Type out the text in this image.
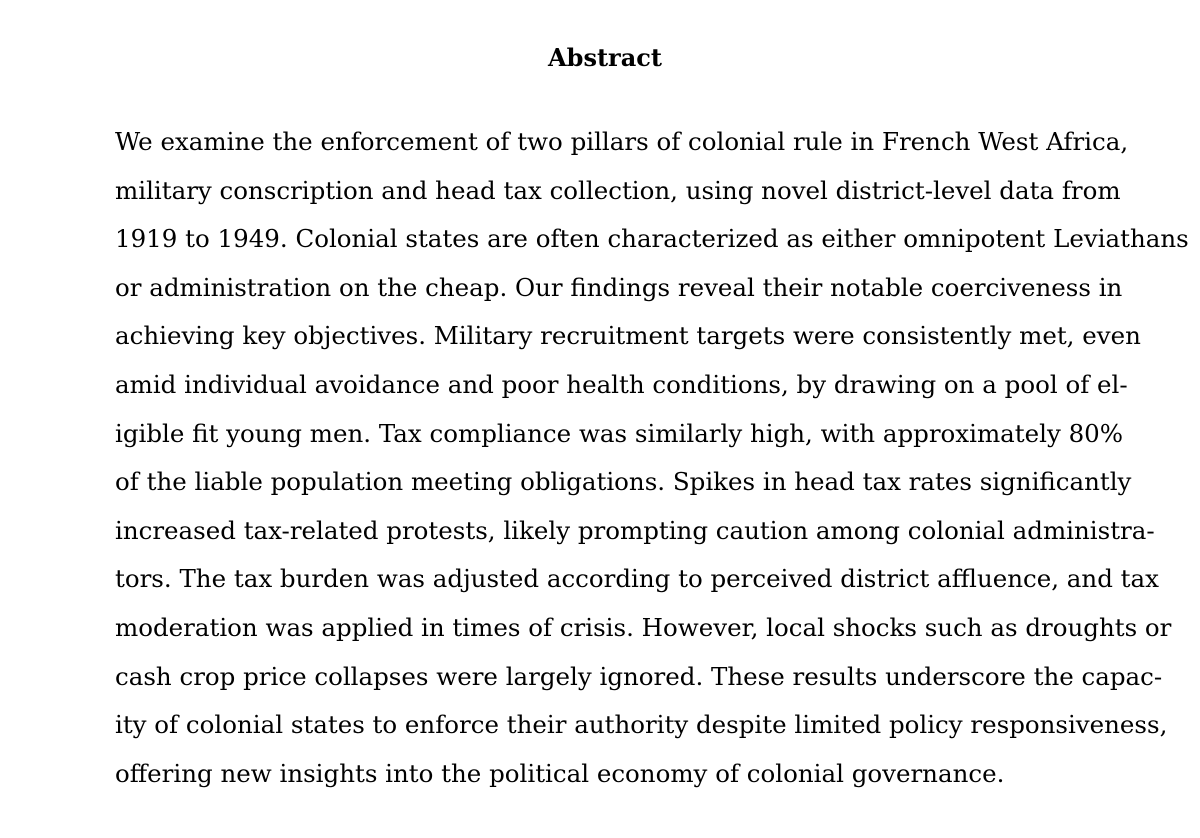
Abstract
We examine the enforcement of two pillars of colonial rule in French West Africa,
military conscription and head tax collection, using novel district-level data from
1919 to 1949. Colonial states are often characterized as either omnipotent Leviathans
or administration on the cheap. Our findings reveal their notable coerciveness in
achieving key objectives. Military recruitment targets were consistently met, even
amid individual avoidance and poor health conditions, by drawing on a pool of el-
igible fit young men. Tax compliance was similarly high, with approximately 80%
of the liable population meeting obligations. Spikes in head tax rates significantly
increased tax-related protests, likely prompting caution among colonial administra-
tors. The tax burden was adjusted according to perceived district affluence, and tax
moderation was applied in times of crisis. However, local shocks such as droughts or
cash crop price collapses were largely ignored. These results underscore the capac-
ity of colonial states to enforce their authority despite limited policy responsiveness,
offering new insights into the political economy of colonial governance.
